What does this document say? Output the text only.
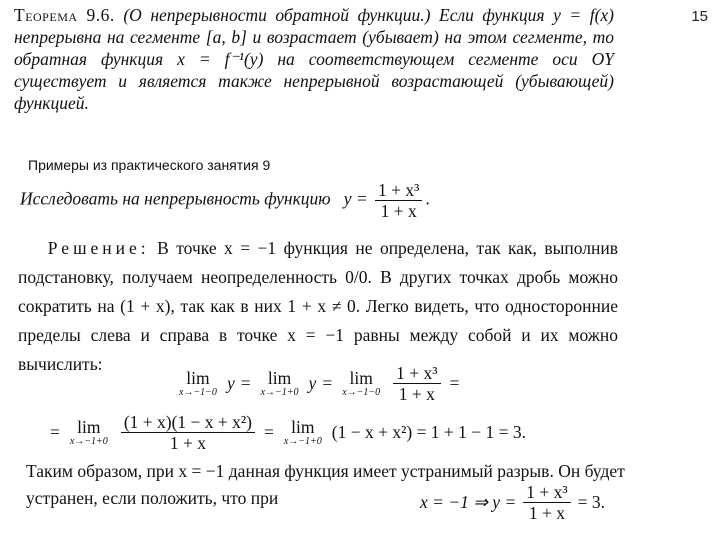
15
Теорема 9.6. (О непрерывности обратной функции.) Если функция y = f(x) непрерывна на сегменте [a, b] и возрастает (убывает) на этом сегменте, то обратная функция x = f⁻¹(y) на соответствующем сегменте оси OY существует и является также непрерывной возрастающей (убывающей) функцией.
Примеры из практического занятия 9
Исследовать на непрерывность функцию $y = \frac{\text{1 + x³}}{1 + x}$ .
Решение: В точке x = −1 функция не определена, так как, выполнив подстановку, получаем неопределенность 0/0. В других точках дробь можно сократить на (1 + x), так как в них 1 + x ≠ 0. Легко видеть, что односторонние пределы слева и справа в точке x = −1 равны между собой и их можно вычислить:
lim
x→−1−0 y = lim
x→−1+0 y = lim
$x\to-1-0 \frac{\text{1 + x³}}{1 + x}$ =
= lim
$x\to-1+0 \frac{\text{(1 + x)(1 − x + x²)}}{1 + x} = \lim$
x→−1+0 (1 − x + x²) = 1 + 1 − 1 = 3.
Таким образом, при x = −1 данная функция имеет устранимый разрыв. Он будет устранен, если положить, что при	x = −1 ⇒ $y = \frac{\text{1 + x³}}{1 + x} = 3$.
